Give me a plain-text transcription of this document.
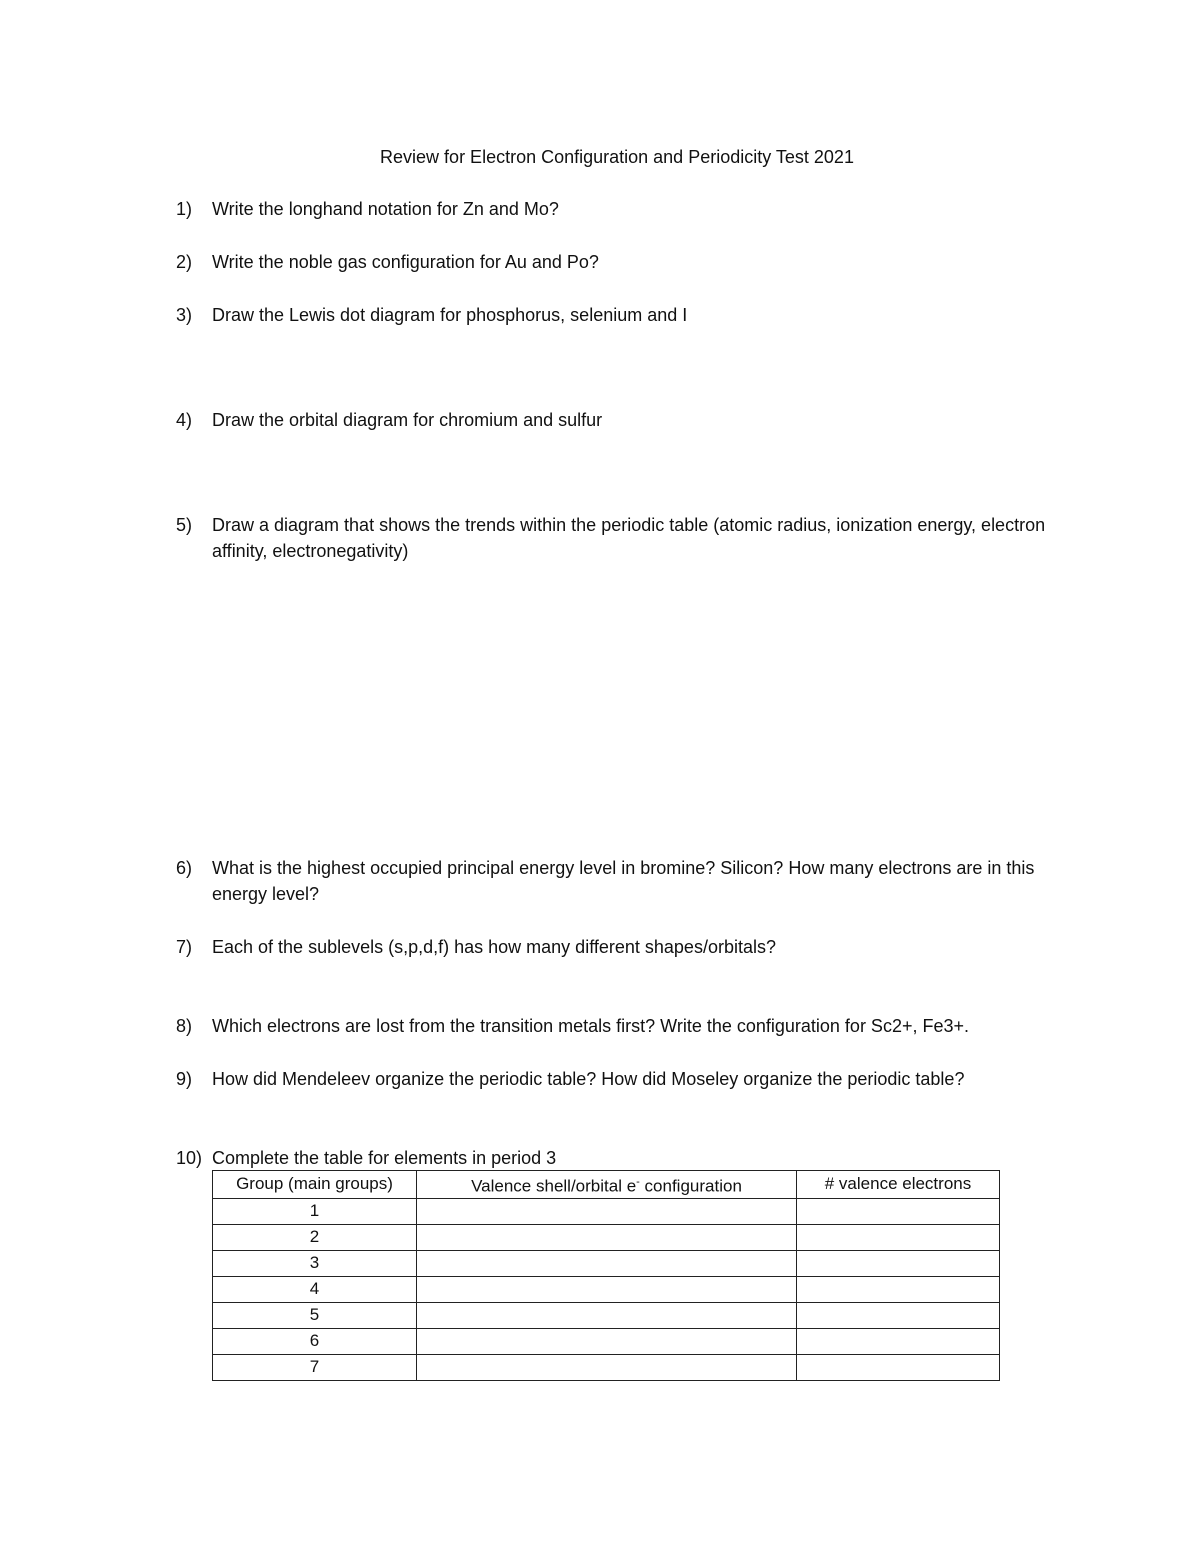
Review for Electron Configuration and Periodicity Test 2021
1) Write the longhand notation for Zn and Mo?
2) Write the noble gas configuration for Au and Po?
3) Draw the Lewis dot diagram for phosphorus, selenium and I
4) Draw the orbital diagram for chromium and sulfur
5) Draw a diagram that shows the trends within the periodic table (atomic radius, ionization energy, electron affinity, electronegativity)
6) What is the highest occupied principal energy level in bromine? Silicon? How many electrons are in this energy level?
7) Each of the sublevels (s,p,d,f) has how many different shapes/orbitals?
8) Which electrons are lost from the transition metals first? Write the configuration for Sc2+, Fe3+.
9) How did Mendeleev organize the periodic table? How did Moseley organize the periodic table?
10) Complete the table for elements in period 3
Group (main groups)	Valence shell/orbital e- configuration	# valence electrons
1		
2		
3		
4		
5		
6		
7		
